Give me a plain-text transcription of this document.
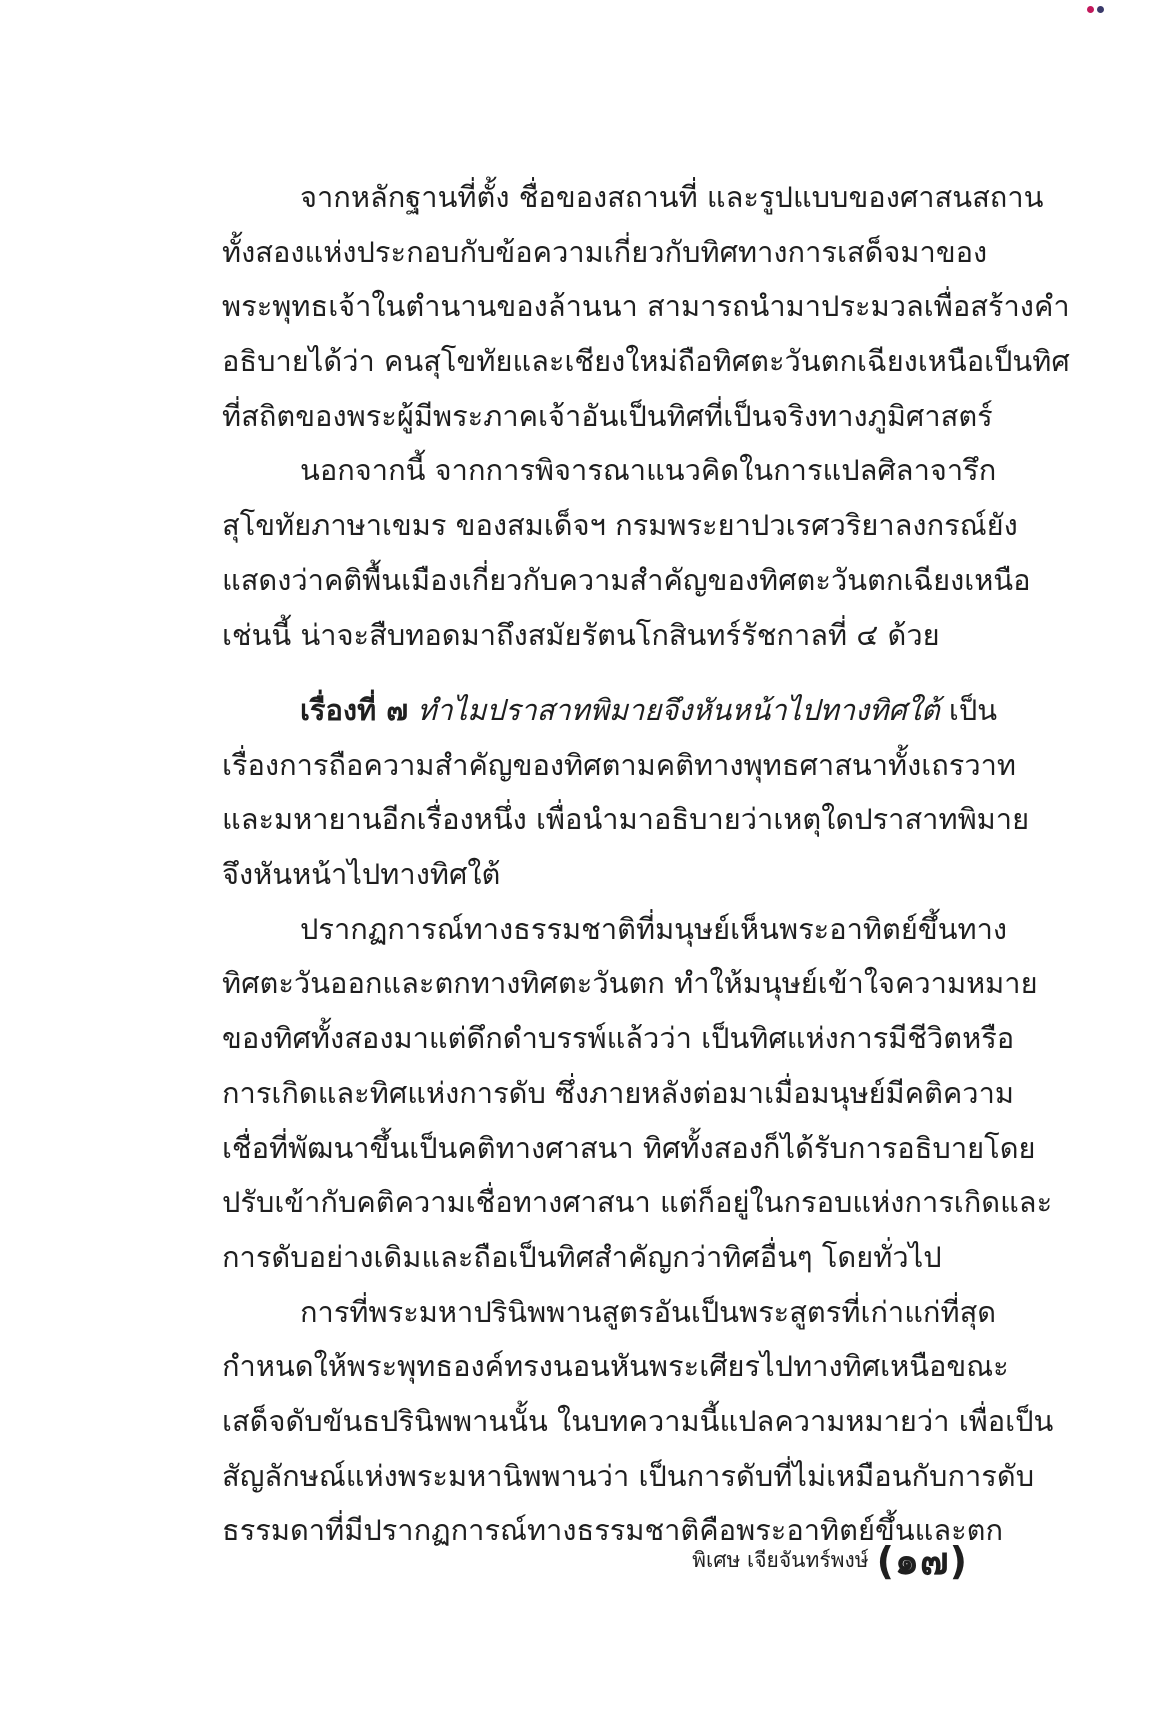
จากหลักฐานที่ตั้ง ชื่อของสถานที่ และรูปแบบของศาสนสถาน
ทั้งสองแห่งประกอบกับข้อความเกี่ยวกับทิศทางการเสด็จมาของ
พระพุทธเจ้าในตำนานของล้านนา สามารถนำมาประมวลเพื่อสร้างคำ
อธิบายได้ว่า คนสุโขทัยและเชียงใหม่ถือทิศตะวันตกเฉียงเหนือเป็นทิศ
ที่สถิตของพระผู้มีพระภาคเจ้าอันเป็นทิศที่เป็นจริงทางภูมิศาสตร์
นอกจากนี้ จากการพิจารณาแนวคิดในการแปลศิลาจารึก
สุโขทัยภาษาเขมร ของสมเด็จฯ กรมพระยาปวเรศวริยาลงกรณ์ยัง
แสดงว่าคติพื้นเมืองเกี่ยวกับความสำคัญของทิศตะวันตกเฉียงเหนือ
เช่นนี้ น่าจะสืบทอดมาถึงสมัยรัตนโกสินทร์รัชกาลที่ ๔ ด้วย
เรื่องที่ ๗ ทำไมปราสาทพิมายจึงหันหน้าไปทางทิศใต้ เป็น
เรื่องการถือความสำคัญของทิศตามคติทางพุทธศาสนาทั้งเถรวาท
และมหายานอีกเรื่องหนึ่ง เพื่อนำมาอธิบายว่าเหตุใดปราสาทพิมาย
จึงหันหน้าไปทางทิศใต้
ปรากฏการณ์ทางธรรมชาติที่มนุษย์เห็นพระอาทิตย์ขึ้นทาง
ทิศตะวันออกและตกทางทิศตะวันตก ทำให้มนุษย์เข้าใจความหมาย
ของทิศทั้งสองมาแต่ดึกดำบรรพ์แล้วว่า เป็นทิศแห่งการมีชีวิตหรือ
การเกิดและทิศแห่งการดับ ซึ่งภายหลังต่อมาเมื่อมนุษย์มีคติความ
เชื่อที่พัฒนาขึ้นเป็นคติทางศาสนา ทิศทั้งสองก็ได้รับการอธิบายโดย
ปรับเข้ากับคติความเชื่อทางศาสนา แต่ก็อยู่ในกรอบแห่งการเกิดและ
การดับอย่างเดิมและถือเป็นทิศสำคัญกว่าทิศอื่นๆ โดยทั่วไป
การที่พระมหาปรินิพพานสูตรอันเป็นพระสูตรที่เก่าแก่ที่สุด
กำหนดให้พระพุทธองค์ทรงนอนหันพระเศียรไปทางทิศเหนือขณะ
เสด็จดับขันธปรินิพพานนั้น ในบทความนี้แปลความหมายว่า เพื่อเป็น
สัญลักษณ์แห่งพระมหานิพพานว่า เป็นการดับที่ไม่เหมือนกับการดับ
ธรรมดาที่มีปรากฏการณ์ทางธรรมชาติคือพระอาทิตย์ขึ้นและตก
พิเศษ เจียจันทร์พงษ์ (๑๗)
